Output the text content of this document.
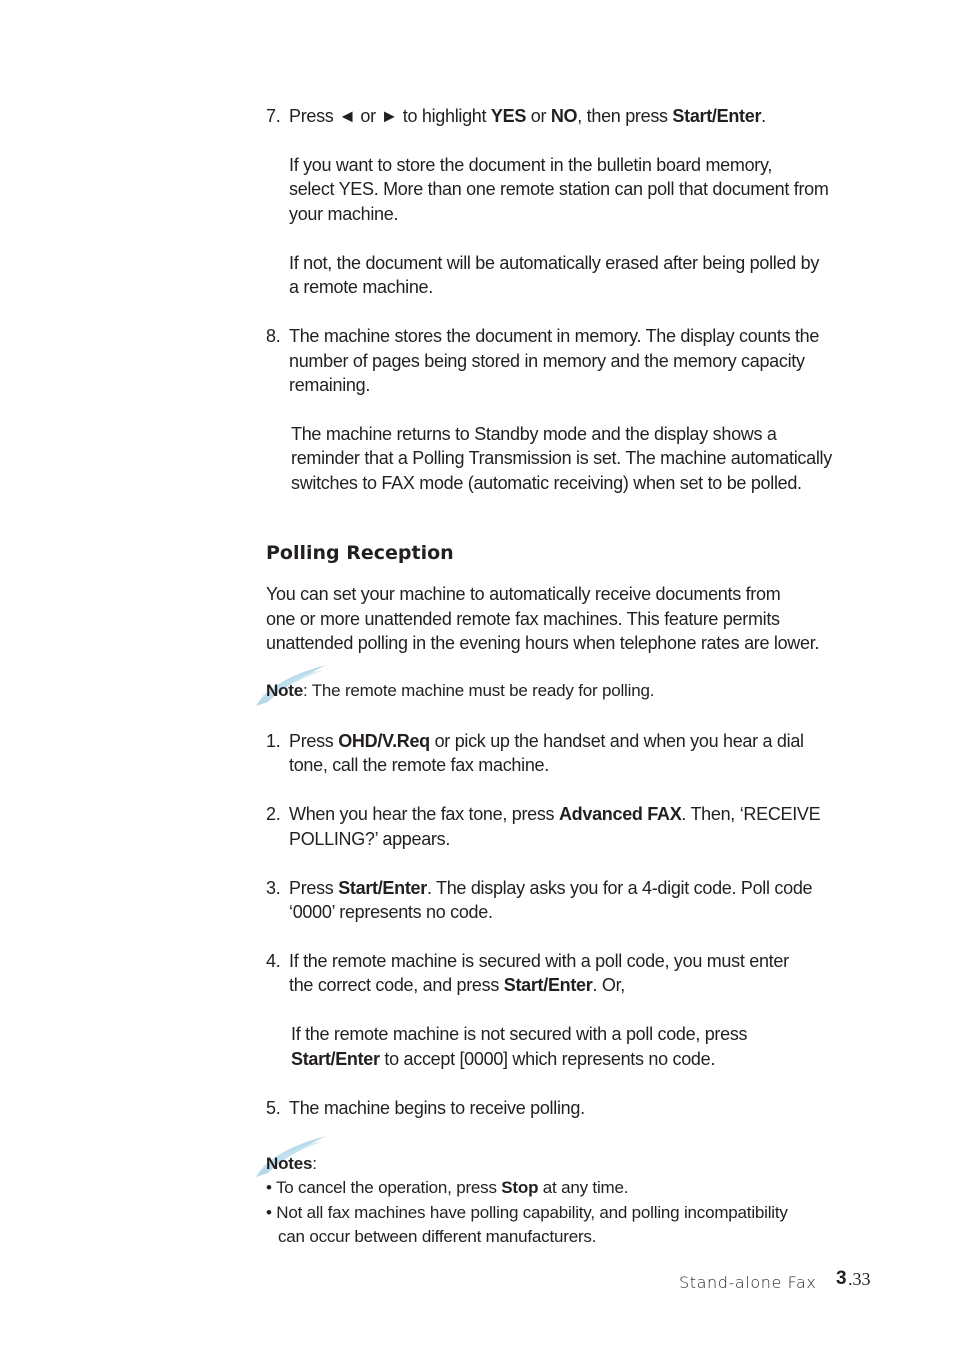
7. Press ◄ or ► to highlight YES or NO, then press Start/Enter.
If you want to store the document in the bulletin board memory,
select YES. More than one remote station can poll that document from
your machine.
If not, the document will be automatically erased after being polled by
a remote machine.
8. The machine stores the document in memory. The display counts the
number of pages being stored in memory and the memory capacity
remaining.
The machine returns to Standby mode and the display shows a
reminder that a Polling Transmission is set. The machine automatically
switches to FAX mode (automatic receiving) when set to be polled.
Polling Reception
You can set your machine to automatically receive documents from
one or more unattended remote fax machines. This feature permits
unattended polling in the evening hours when telephone rates are lower.
Note: The remote machine must be ready for polling.
1. Press OHD/V.Req or pick up the handset and when you hear a dial
tone, call the remote fax machine.
2. When you hear the fax tone, press Advanced FAX. Then, ‘RECEIVE
POLLING?’ appears.
3. Press Start/Enter. The display asks you for a 4-digit code. Poll code
‘0000’ represents no code.
4. If the remote machine is secured with a poll code, you must enter
the correct code, and press Start/Enter. Or,
If the remote machine is not secured with a poll code, press
Start/Enter to accept [0000] which represents no code.
5. The machine begins to receive polling.
Notes:
• To cancel the operation, press Stop at any time.
• Not all fax machines have polling capability, and polling incompatibility
can occur between different manufacturers.
Stand-alone Fax 3 .33
